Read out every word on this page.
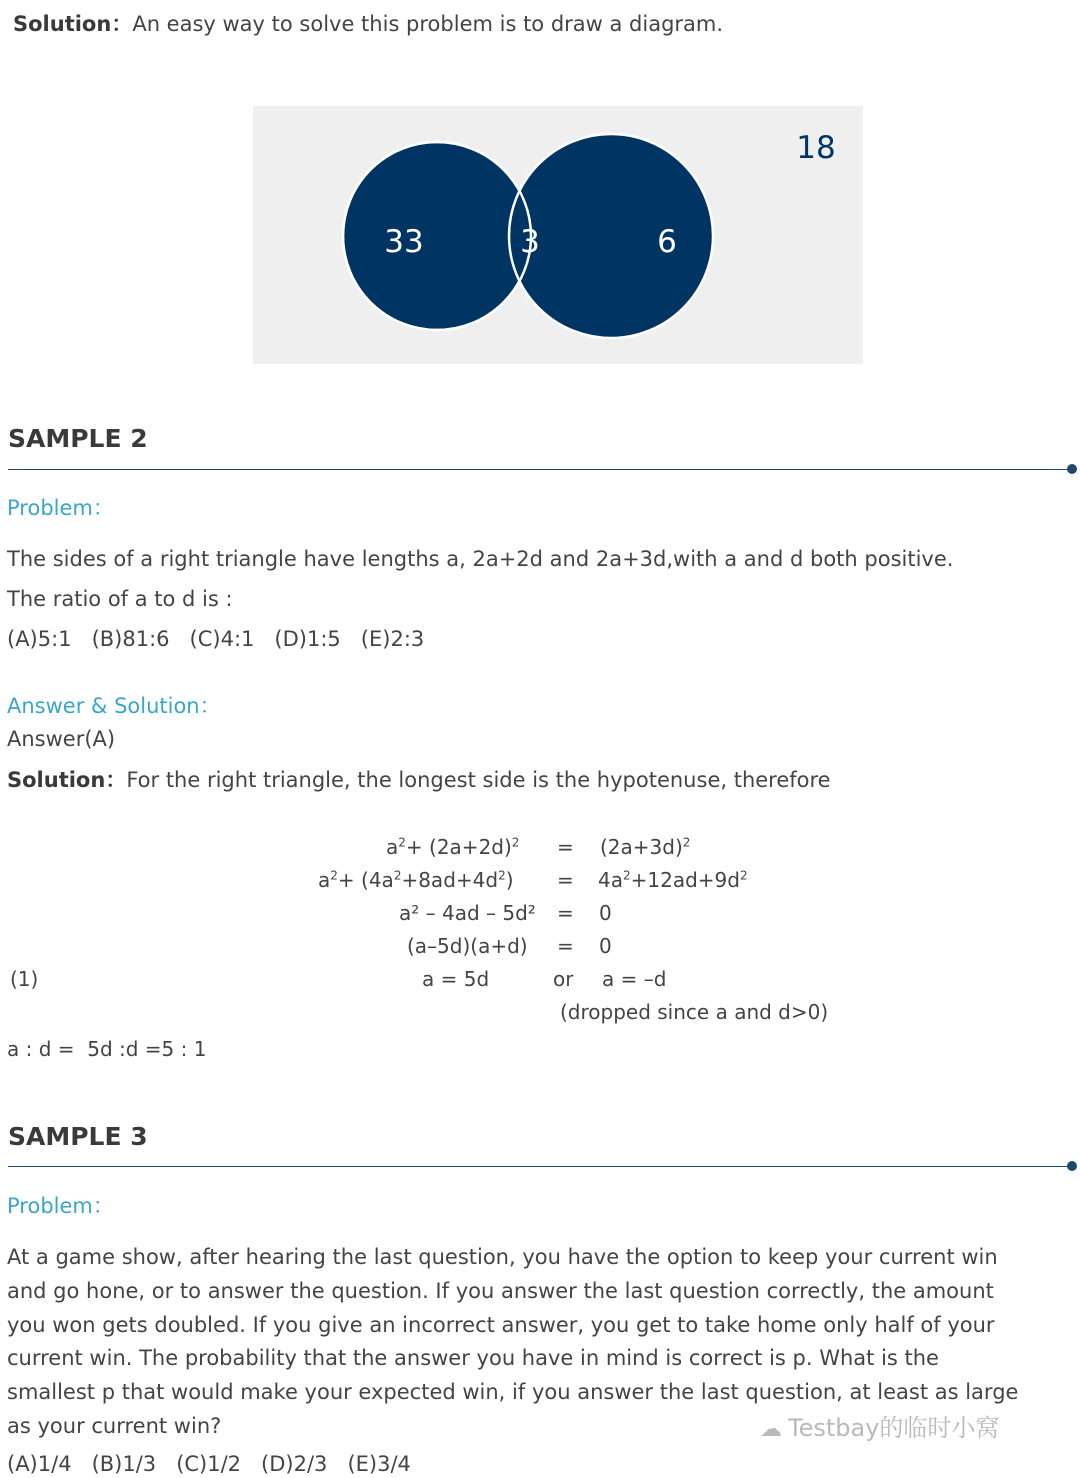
Solution：An easy way to solve this problem is to draw a diagram.
18
33	3	6
SAMPLE 2
Problem：
The sides of a right triangle have lengths a, 2a+2d and 2a+3d,with a and d both positive.
The ratio of a to d is :
(A)5:1   (B)81:6   (C)4:1   (D)1:5   (E)2:3
Answer & Solution：
Answer(A)
Solution：For the right triangle, the longest side is the hypotenuse, therefore
$a^2+ (2a+2d)^2 = (2a+3d)^2$
$a^2+ (4a^2+8ad+4d^2) = 4a^2+12ad+9d^2$
a² – 4ad – 5d² = 0
(a–5d)(a+d) = 0
(1)	a = 5d	or a = –d
(dropped since a and d>0)
a : d =  5d :d =5 : 1
SAMPLE 3
Problem：
At a game show, after hearing the last question, you have the option to keep your current win
and go hone, or to answer the question. If you answer the last question correctly, the amount
you won gets doubled. If you give an incorrect answer, you get to take home only half of your
current win. The probability that the answer you have in mind is correct is p. What is the
smallest p that would make your expected win, if you answer the last question, at least as large
as your current win?
(A)1/4   (B)1/3   (C)1/2   (D)2/3   (E)3/4
☁ Testbay的临时小窝
